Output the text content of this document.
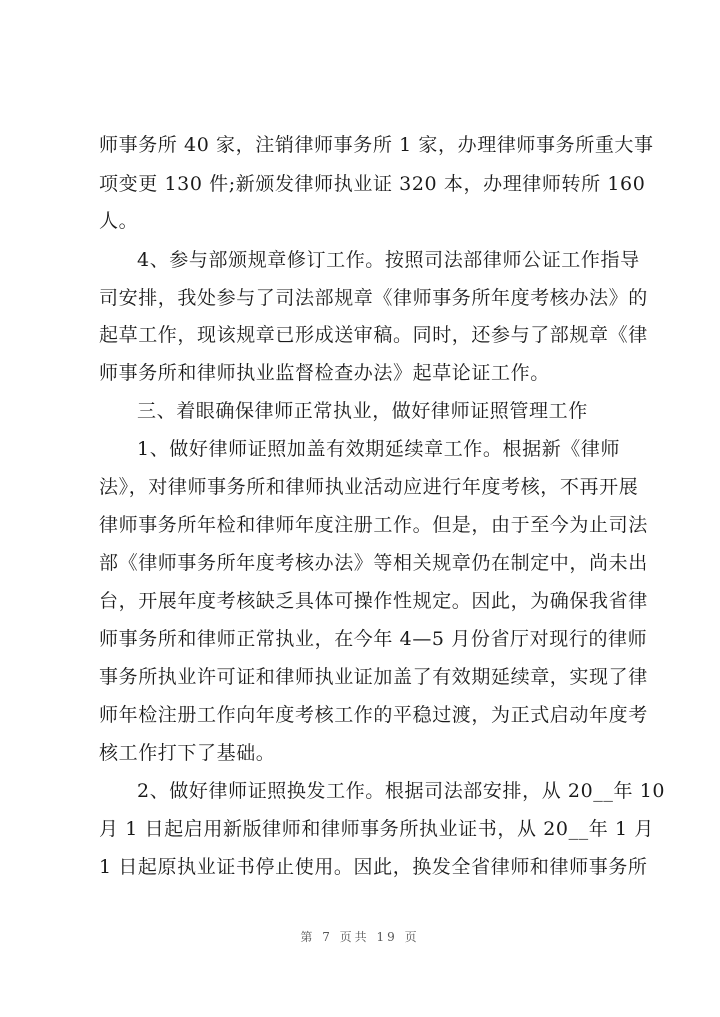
师事务所 40 家，注销律师事务所 1 家，办理律师事务所重大事
项变更 130 件;新颁发律师执业证 320 本，办理律师转所 160
人。
4、参与部颁规章修订工作。按照司法部律师公证工作指导
司安排，我处参与了司法部规章《律师事务所年度考核办法》的
起草工作，现该规章已形成送审稿。同时，还参与了部规章《律
师事务所和律师执业监督检查办法》起草论证工作。
三、着眼确保律师正常执业，做好律师证照管理工作
1、做好律师证照加盖有效期延续章工作。根据新《律师
法》，对律师事务所和律师执业活动应进行年度考核，不再开展
律师事务所年检和律师年度注册工作。但是，由于至今为止司法
部《律师事务所年度考核办法》等相关规章仍在制定中，尚未出
台，开展年度考核缺乏具体可操作性规定。因此，为确保我省律
师事务所和律师正常执业，在今年 4—5 月份省厅对现行的律师
事务所执业许可证和律师执业证加盖了有效期延续章，实现了律
师年检注册工作向年度考核工作的平稳过渡，为正式启动年度考
核工作打下了基础。
2、做好律师证照换发工作。根据司法部安排，从 20__年 10
月 1 日起启用新版律师和律师事务所执业证书，从 20__年 1 月
1 日起原执业证书停止使用。因此，换发全省律师和律师事务所
第 7 页共 19 页
